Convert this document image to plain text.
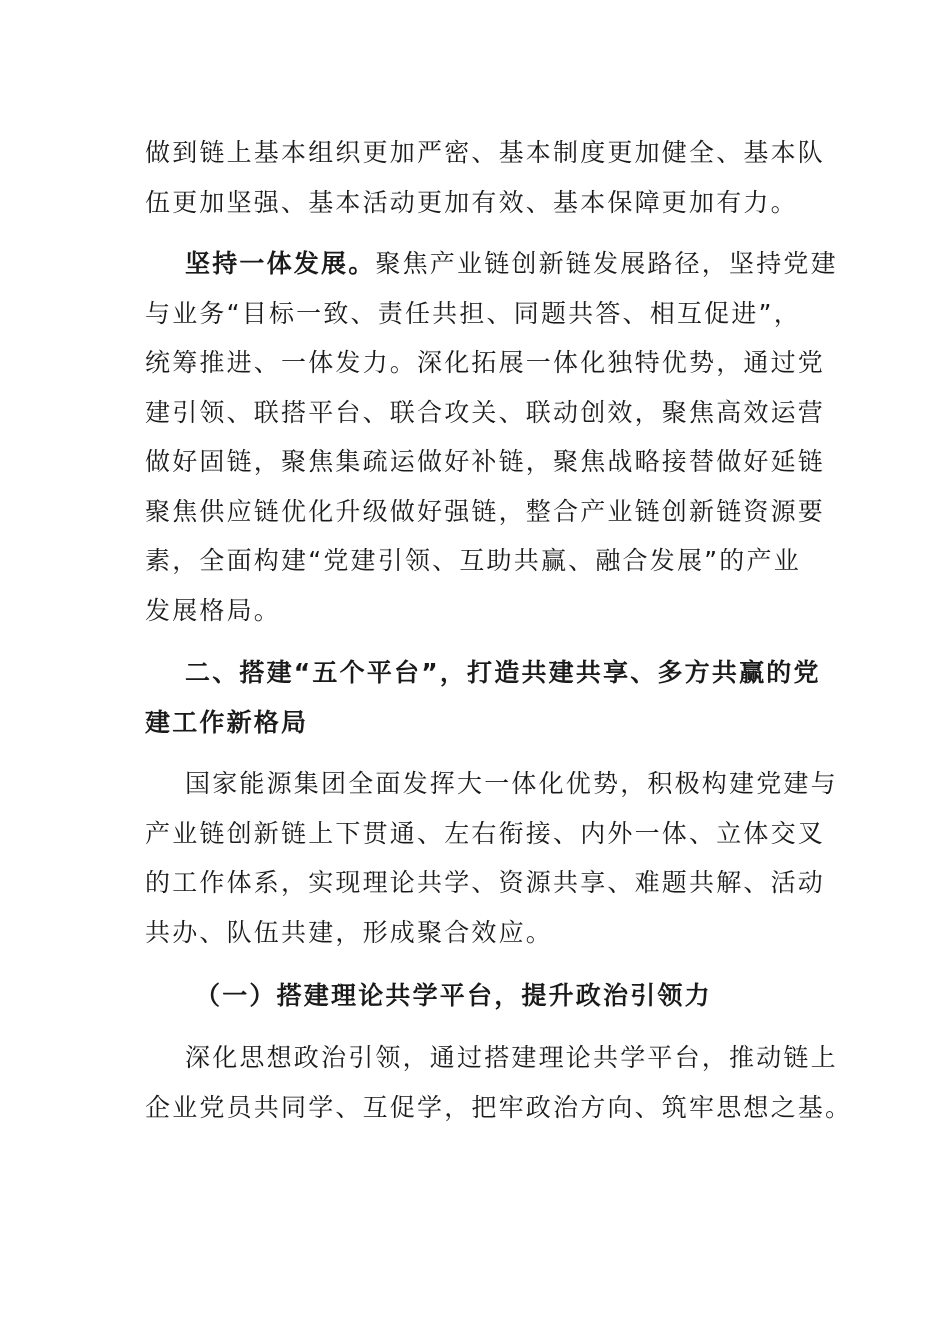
做到链上基本组织更加严密、基本制度更加健全、基本队
伍更加坚强、基本活动更加有效、基本保障更加有力。
坚持一体发展。聚焦产业链创新链发展路径，坚持党建
与业务“目标一致、责任共担、同题共答、相互促进”，
统筹推进、一体发力。深化拓展一体化独特优势，通过党
建引领、联搭平台、联合攻关、联动创效，聚焦高效运营
做好固链，聚焦集疏运做好补链，聚焦战略接替做好延链
聚焦供应链优化升级做好强链，整合产业链创新链资源要
素，全面构建“党建引领、互助共赢、融合发展”的产业
发展格局。
二、搭建“五个平台”，打造共建共享、多方共赢的党
建工作新格局
国家能源集团全面发挥大一体化优势，积极构建党建与
产业链创新链上下贯通、左右衔接、内外一体、立体交叉
的工作体系，实现理论共学、资源共享、难题共解、活动
共办、队伍共建，形成聚合效应。
（一）搭建理论共学平台，提升政治引领力
深化思想政治引领，通过搭建理论共学平台，推动链上
企业党员共同学、互促学，把牢政治方向、筑牢思想之基。
